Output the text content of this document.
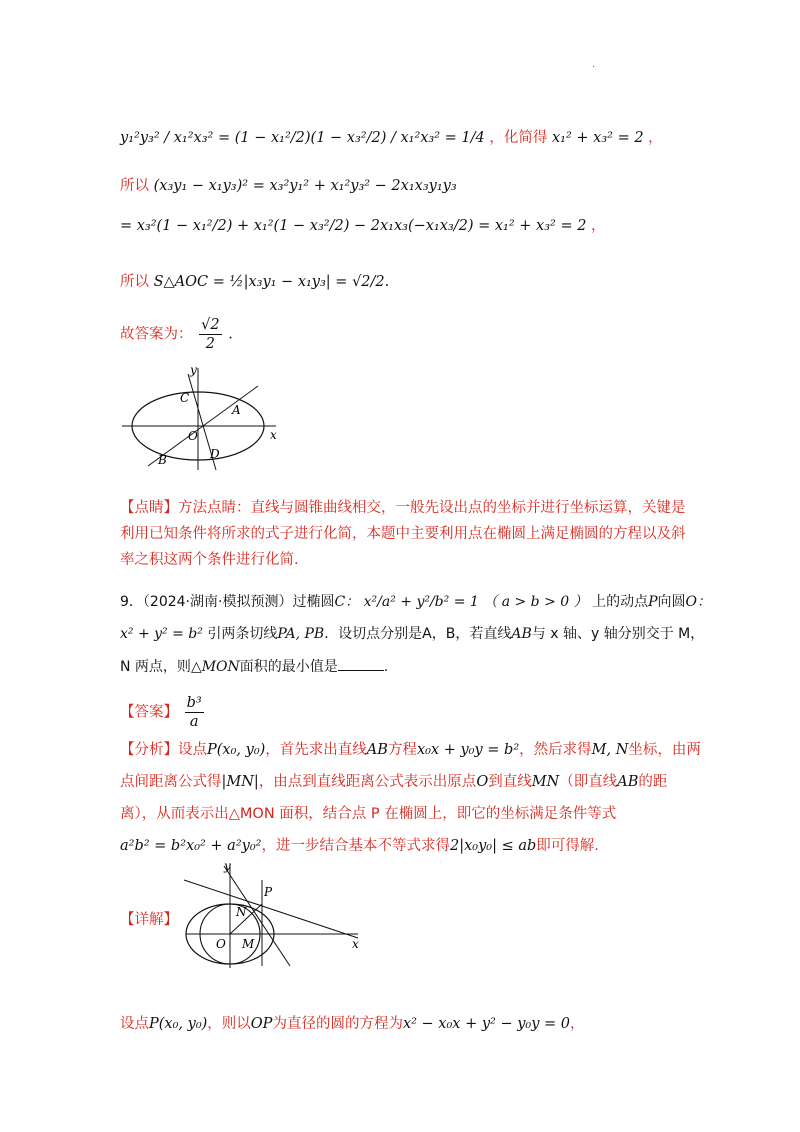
·
y₁²y₃² / x₁²x₃² = (1 − x₁²/2)(1 − x₃²/2) / x₁²x₃² = 1/4 ，化简得 x₁² + x₃² = 2 ，
所以 (x₃y₁ − x₁y₃)² = x₃²y₁² + x₁²y₃² − 2x₁x₃y₁y₃
= x₃²(1 − x₁²/2) + x₁²(1 − x₃²/2) − 2x₁x₃(−x₁x₃/2) = x₁² + x₃² = 2 ，
所以 S△AOC = ½|x₃y₁ − x₁y₃| = √2/2.
故答案为： $\frac{√2}{2}$ .
y
x
C
A
O
B	D
【点睛】方法点睛：直线与圆锥曲线相交，一般先设出点的坐标并进行坐标运算，关键是
利用已知条件将所求的式子进行化简，本题中主要利用点在椭圆上满足椭圆的方程以及斜
率之积这两个条件进行化简.
9．（2024·湖南·模拟预测）过椭圆C： x²/a² + y²/b² = 1 （ a > b > 0 ） 上的动点P向圆O：
x² + y² = b² 引两条切线PA, PB．设切点分别是A，B，若直线AB与 x 轴、y 轴分别交于 M，
N 两点，则△MON面积的最小值是	.
【答案】 $\frac{\text{b³}}{a}$
【分析】设点P(x₀, y₀)，首先求出直线AB方程x₀x + y₀y = b²，然后求得M, N坐标，由两
点间距离公式得|MN|，由点到直线距离公式表示出原点O到直线MN（即直线AB的距
离），从而表示出△MON 面积，结合点 P 在椭圆上，即它的坐标满足条件等式
a²b² = b²x₀² + a²y₀²，进一步结合基本不等式求得2|x₀y₀| ≤ ab即可得解.
【详解】
y
x
P
N
O M
设点P(x₀, y₀)，则以OP为直径的圆的方程为x² − x₀x + y² − y₀y = 0，
